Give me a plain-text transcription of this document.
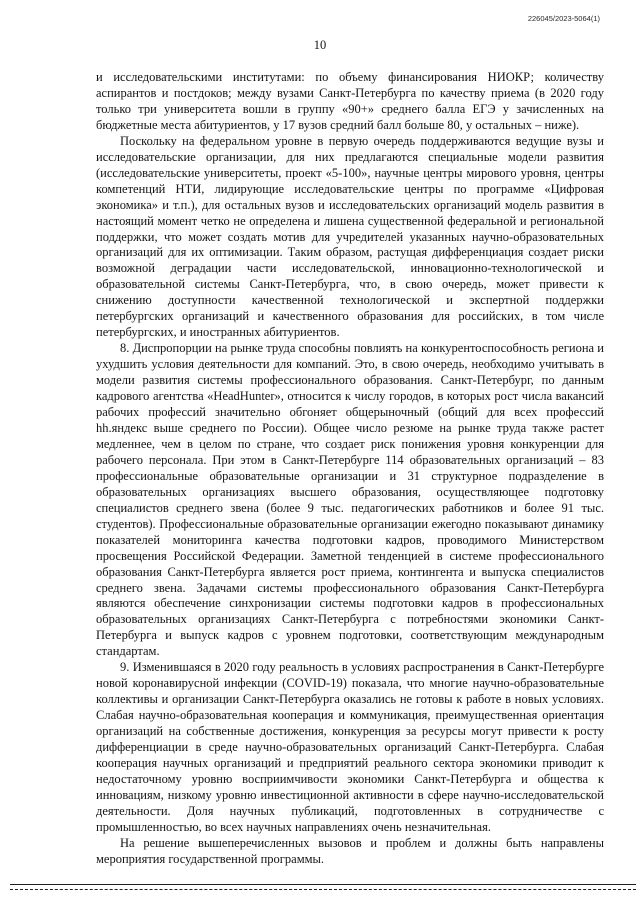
226045/2023-5064(1)
10

и исследовательскими институтами: по объему финансирования НИОКР; количеству аспирантов и постдоков; между вузами Санкт-Петербурга по качеству приема (в 2020 году только три университета вошли в группу «90+» среднего балла ЕГЭ у зачисленных на бюджетные места абитуриентов, у 17 вузов средний балл больше 80, у остальных – ниже).

Поскольку на федеральном уровне в первую очередь поддерживаются ведущие вузы и исследовательские организации, для них предлагаются специальные модели развития (исследовательские университеты, проект «5-100», научные центры мирового уровня, центры компетенций НТИ, лидирующие исследовательские центры по программе «Цифровая экономика» и т.п.), для остальных вузов и исследовательских организаций модель развития в настоящий момент четко не определена и лишена существенной федеральной и региональной поддержки, что может создать мотив для учредителей указанных научно-образовательных организаций для их оптимизации. Таким образом, растущая дифференциация создает риски возможной деградации части исследовательской, инновационно-технологической и образовательной системы Санкт-Петербурга, что, в свою очередь, может привести к снижению доступности качественной технологической и экспертной поддержки петербургских организаций и качественного образования для российских, в том числе петербургских, и иностранных абитуриентов.

8. Диспропорции на рынке труда способны повлиять на конкурентоспособность региона и ухудшить условия деятельности для компаний. Это, в свою очередь, необходимо учитывать в модели развития системы профессионального образования. Санкт-Петербург, по данным кадрового агентства «HeadHunter», относится к числу городов, в которых рост числа вакансий рабочих профессий значительно обгоняет общерыночный (общий для всех профессий hh.яндекс выше среднего по России). Общее число резюме на рынке труда также растет медленнее, чем в целом по стране, что создает риск понижения уровня конкуренции для рабочего персонала. При этом в Санкт-Петербурге 114 образовательных организаций – 83 профессиональные образовательные организации и 31 структурное подразделение в образовательных организациях высшего образования, осуществляющее подготовку специалистов среднего звена (более 9 тыс. педагогических работников и более 91 тыс. студентов). Профессиональные образовательные организации ежегодно показывают динамику показателей мониторинга качества подготовки кадров, проводимого Министерством просвещения Российской Федерации. Заметной тенденцией в системе профессионального образования Санкт-Петербурга является рост приема, контингента и выпуска специалистов среднего звена. Задачами системы профессионального образования Санкт-Петербурга являются обеспечение синхронизации системы подготовки кадров в профессиональных образовательных организациях Санкт-Петербурга с потребностями экономики Санкт-Петербурга и выпуск кадров с уровнем подготовки, соответствующим международным стандартам.

9. Изменившаяся в 2020 году реальность в условиях распространения в Санкт-Петербурге новой коронавирусной инфекции (COVID-19) показала, что многие научно-образовательные коллективы и организации Санкт-Петербурга оказались не готовы к работе в новых условиях. Слабая научно-образовательная кооперация и коммуникация, преимущественная ориентация организаций на собственные достижения, конкуренция за ресурсы могут привести к росту дифференциации в среде научно-образовательных организаций Санкт-Петербурга. Слабая кооперация научных организаций и предприятий реального сектора экономики приводит к недостаточному уровню восприимчивости экономики Санкт-Петербурга и общества к инновациям, низкому уровню инвестиционной активности в сфере научно-исследовательской деятельности. Доля научных публикаций, подготовленных в сотрудничестве с промышленностью, во всех научных направлениях очень незначительная.

На решение вышеперечисленных вызовов и проблем и должны быть направлены мероприятия государственной программы.
